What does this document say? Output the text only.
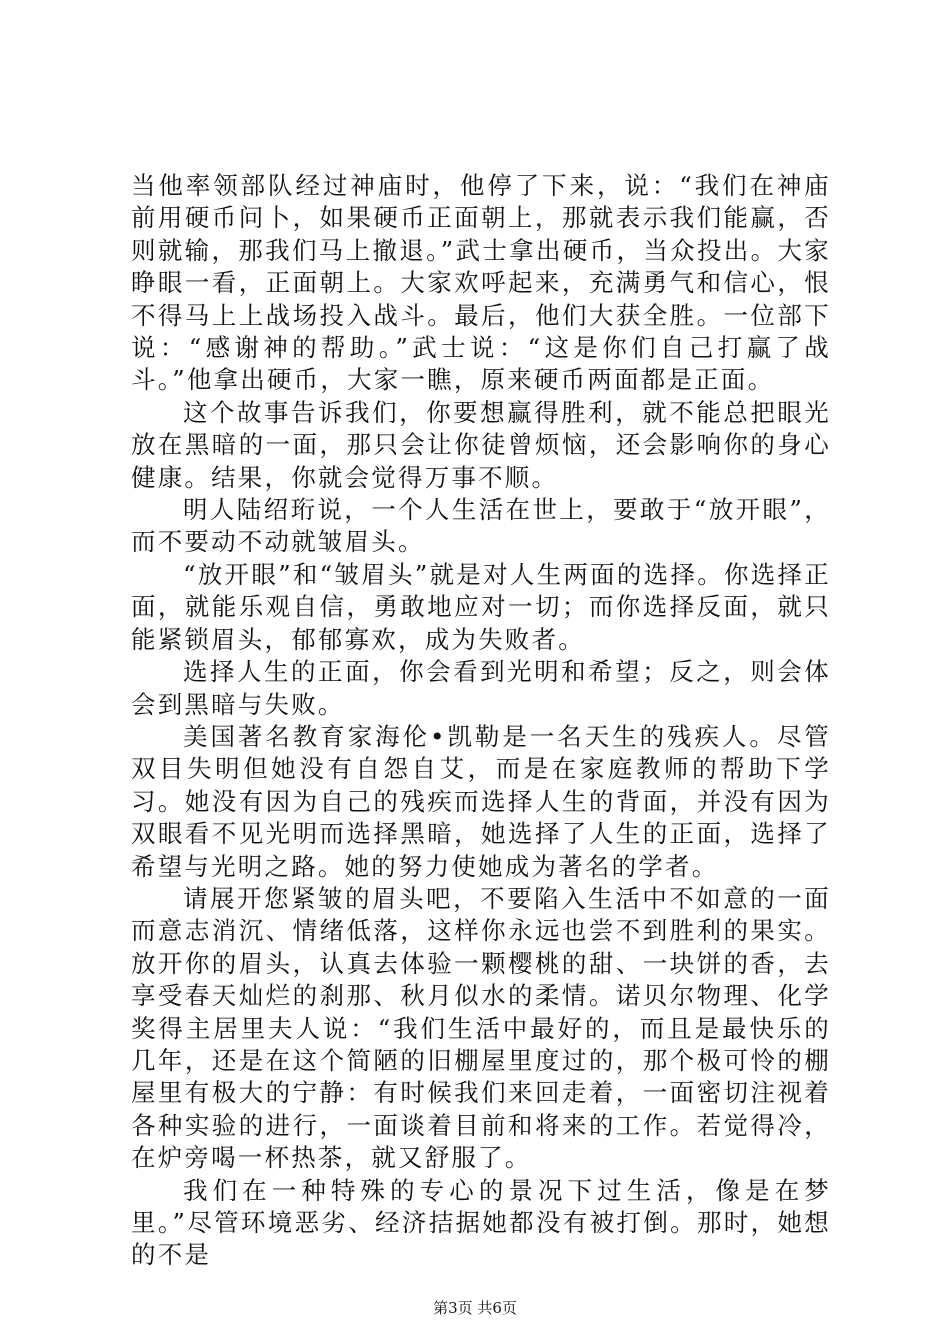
当他率领部队经过神庙时，他停了下来，说：“我们在神庙前用硬币问卜，如果硬币正面朝上，那就表示我们能赢，否则就输，那我们马上撤退。”武士拿出硬币，当众投出。大家睁眼一看，正面朝上。大家欢呼起来，充满勇气和信心，恨不得马上上战场投入战斗。最后，他们大获全胜。一位部下说：“感谢神的帮助。”武士说：“这是你们自己打赢了战斗。”他拿出硬币，大家一瞧，原来硬币两面都是正面。

这个故事告诉我们，你要想赢得胜利，就不能总把眼光放在黑暗的一面，那只会让你徒曾烦恼，还会影响你的身心健康。结果，你就会觉得万事不顺。

明人陆绍珩说，一个人生活在世上，要敢于“放开眼”，而不要动不动就皱眉头。

“放开眼”和“皱眉头”就是对人生两面的选择。你选择正面，就能乐观自信，勇敢地应对一切；而你选择反面，就只能紧锁眉头，郁郁寡欢，成为失败者。

选择人生的正面，你会看到光明和希望；反之，则会体会到黑暗与失败。

美国著名教育家海伦•凯勒是一名天生的残疾人。尽管双目失明但她没有自怨自艾，而是在家庭教师的帮助下学习。她没有因为自己的残疾而选择人生的背面，并没有因为双眼看不见光明而选择黑暗，她选择了人生的正面，选择了希望与光明之路。她的努力使她成为著名的学者。

请展开您紧皱的眉头吧，不要陷入生活中不如意的一面而意志消沉、情绪低落，这样你永远也尝不到胜利的果实。放开你的眉头，认真去体验一颗樱桃的甜、一块饼的香，去享受春天灿烂的刹那、秋月似水的柔情。诺贝尔物理、化学奖得主居里夫人说：“我们生活中最好的，而且是最快乐的几年，还是在这个简陋的旧棚屋里度过的，那个极可怜的棚屋里有极大的宁静：有时候我们来回走着，一面密切注视着各种实验的进行，一面谈着目前和将来的工作。若觉得冷，在炉旁喝一杯热茶，就又舒服了。

我们在一种特殊的专心的景况下过生活，像是在梦里。”尽管环境恶劣、经济拮据她都没有被打倒。那时，她想的不是

第3页 共6页
